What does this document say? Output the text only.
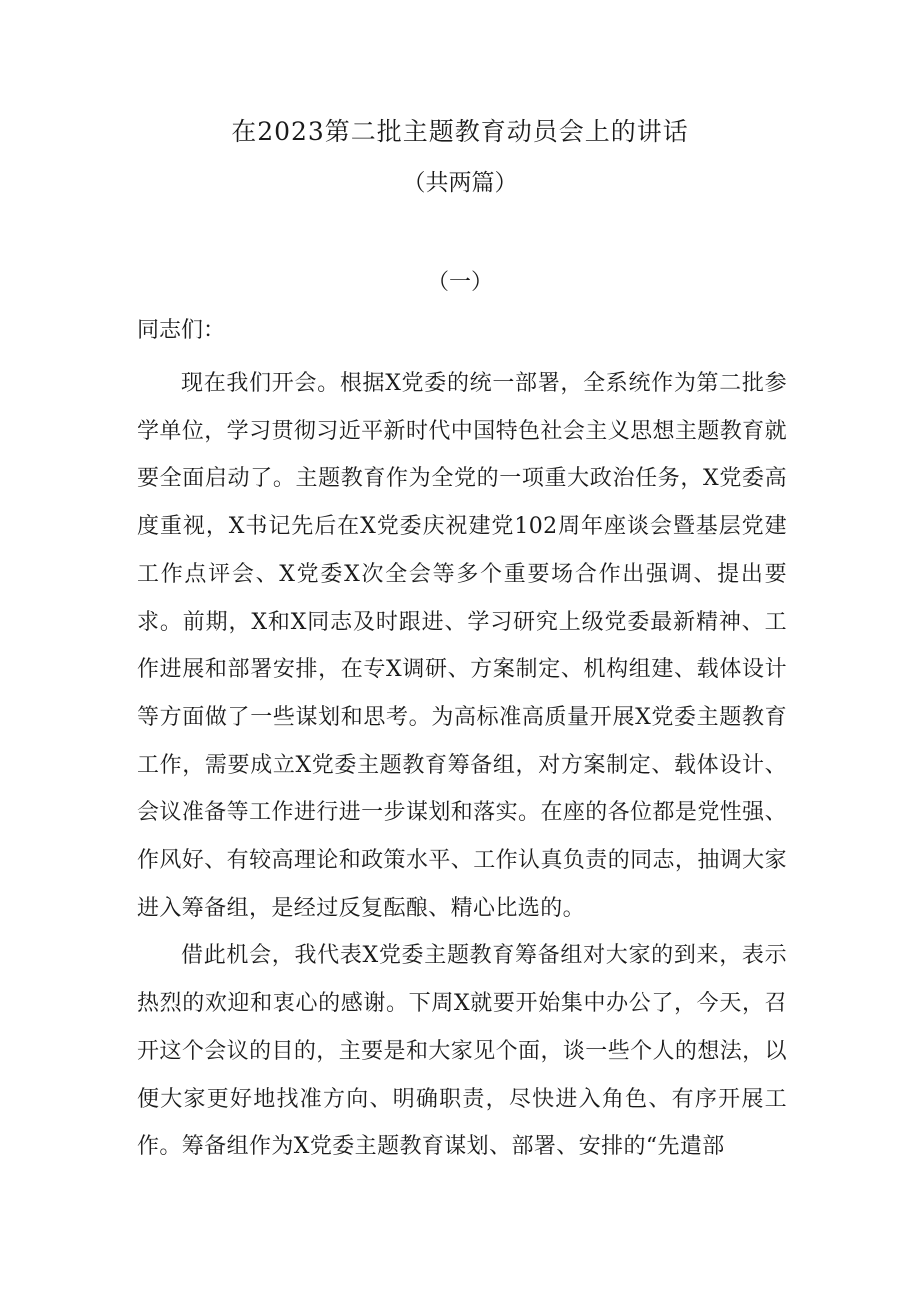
在2023第二批主题教育动员会上的讲话
（共两篇）
（一）
同志们：

现在我们开会。根据X党委的统一部署，全系统作为第二批参学单位，学习贯彻习近平新时代中国特色社会主义思想主题教育就要全面启动了。主题教育作为全党的一项重大政治任务，X党委高度重视，X书记先后在X党委庆祝建党102周年座谈会暨基层党建工作点评会、X党委X次全会等多个重要场合作出强调、提出要求。前期，X和X同志及时跟进、学习研究上级党委最新精神、工作进展和部署安排，在专X调研、方案制定、机构组建、载体设计等方面做了一些谋划和思考。为高标准高质量开展X党委主题教育工作，需要成立X党委主题教育筹备组，对方案制定、载体设计、会议准备等工作进行进一步谋划和落实。在座的各位都是党性强、作风好、有较高理论和政策水平、工作认真负责的同志，抽调大家进入筹备组，是经过反复酝酿、精心比选的。

借此机会，我代表X党委主题教育筹备组对大家的到来，表示热烈的欢迎和衷心的感谢。下周X就要开始集中办公了，今天，召开这个会议的目的，主要是和大家见个面，谈一些个人的想法，以便大家更好地找准方向、明确职责，尽快进入角色、有序开展工作。筹备组作为X党委主题教育谋划、部署、安排的“先遣部
